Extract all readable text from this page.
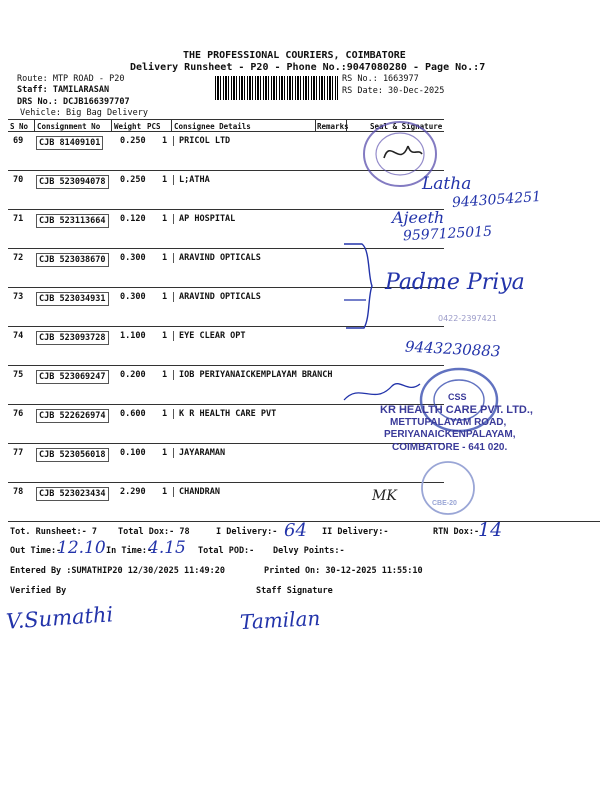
THE PROFESSIONAL COURIERS, COIMBATORE
Delivery Runsheet - P20 - Phone No.:9047080280 - Page No.:7
Route: MTP ROAD - P20
Staff: TAMILARASAN
DRS No.: DCJB166397707
Vehicle: Big Bag Delivery
RS No.: 1663977
RS Date: 30-Dec-2025
S No Consignment No Weight PCS Consignee Details	Remarks	Seal & Signature
69	CJB 81409101	0.250 1	PRICOL LTD
70	CJB 523094078	0.250 1	L;ATHA
71	CJB 523113664	0.120 1	AP HOSPITAL
72	CJB 523038670	0.300 1	ARAVIND OPTICALS
73	CJB 523034931	0.300 1	ARAVIND OPTICALS
74	CJB 523093728	1.100 1	EYE CLEAR OPT
75	CJB 523069247	0.200 1	IOB PERIYANAICKEMPLAYAM BRANCH
76	CJB 522626974	0.600 1	K R HEALTH CARE PVT
77	CJB 523056018	0.100 1	JAYARAMAN
78	CJB 523023434	2.290 1	CHANDRAN
Latha
9443054251
Ajeeth
9597125015
Padme Priya
0422-2397421
9443230883
CSS
KR HEALTH CARE PVT. LTD.,
METTUPALAYAM ROAD,
PERIYANAICKENPALAYAM,
COIMBATORE - 641 020.
CBE-20
MK
Tot. Runsheet:- 7 Total Dox:- 78	I Delivery:- 64 II Delivery:-	RTN Dox:-
14
Out Time:-
12.10 In Time:-
4.15 Total POD:- Delvy Points:-
Entered By :SUMATHIP20 12/30/2025 11:49:20	Printed On: 30-12-2025 11:55:10
Verified By	Staff Signature
V.Sumathi	Tamilan
